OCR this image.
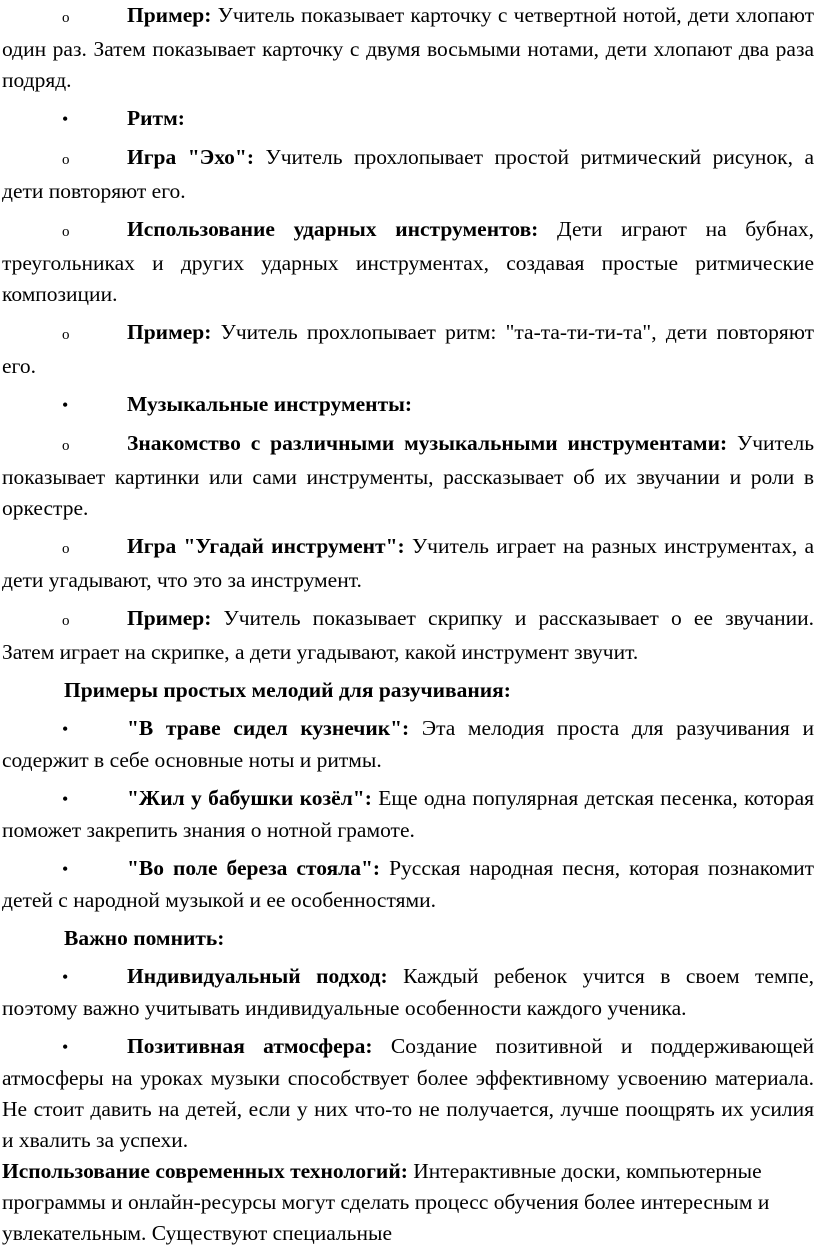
o	Пример: Учитель показывает карточку с четвертной нотой, дети хлопают один раз. Затем показывает карточку с двумя восьмыми нотами, дети хлопают два раза подряд.

•	Ритм:

o	Игра "Эхо": Учитель прохлопывает простой ритмический рисунок, а дети повторяют его.

o	Использование ударных инструментов: Дети играют на бубнах, треугольниках и других ударных инструментах, создавая простые ритмические композиции.

o	Пример: Учитель прохлопывает ритм: "та-та-ти-ти-та", дети повторяют его.

•	Музыкальные инструменты:

o	Знакомство с различными музыкальными инструментами: Учитель показывает картинки или сами инструменты, рассказывает об их звучании и роли в оркестре.

o	Игра "Угадай инструмент": Учитель играет на разных инструментах, а дети угадывают, что это за инструмент.

o	Пример: Учитель показывает скрипку и рассказывает о ее звучании. Затем играет на скрипке, а дети угадывают, какой инструмент звучит.

Примеры простых мелодий для разучивания:

•	"В траве сидел кузнечик": Эта мелодия проста для разучивания и содержит в себе основные ноты и ритмы.

•	"Жил у бабушки козёл": Еще одна популярная детская песенка, которая поможет закрепить знания о нотной грамоте.

•	"Во поле береза стояла": Русская народная песня, которая познакомит детей с народной музыкой и ее особенностями.

Важно помнить:

•	Индивидуальный подход: Каждый ребенок учится в своем темпе, поэтому важно учитывать индивидуальные особенности каждого ученика.

•	Позитивная атмосфера: Создание позитивной и поддерживающей атмосферы на уроках музыки способствует более эффективному усвоению материала. Не стоит давить на детей, если у них что-то не получается, лучше поощрять их усилия и хвалить за успехи.

Использование современных технологий: Интерактивные доски, компьютерные программы и онлайн-ресурсы могут сделать процесс обучения более интересным и увлекательным. Существуют специальные
